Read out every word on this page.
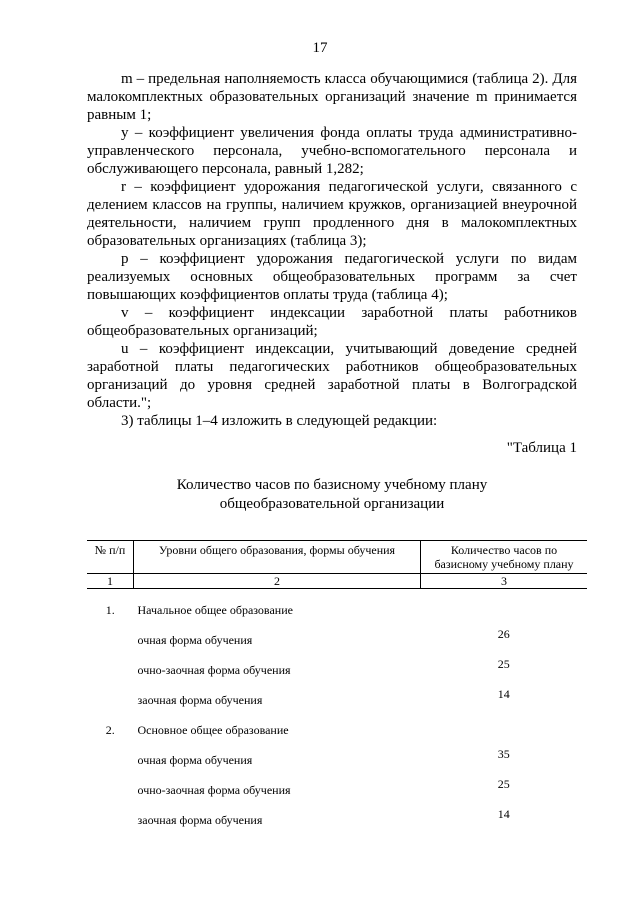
17

m – предельная наполняемость класса обучающимися (таблица 2). Для малокомплектных образовательных организаций значение m принимается равным 1;

y – коэффициент увеличения фонда оплаты труда административно-управленческого персонала, учебно-вспомогательного персонала и обслуживающего персонала, равный 1,282;

r – коэффициент удорожания педагогической услуги, связанного с делением классов на группы, наличием кружков, организацией внеурочной деятельности, наличием групп продленного дня в малокомплектных образовательных организациях (таблица 3);

p – коэффициент удорожания педагогической услуги по видам реализуемых основных общеобразовательных программ за счет повышающих коэффициентов оплаты труда (таблица 4);

v – коэффициент индексации заработной платы работников общеобразовательных организаций;

u – коэффициент индексации, учитывающий доведение средней заработной платы педагогических работников общеобразовательных организаций до уровня средней заработной платы в Волгоградской области.";

3) таблицы 1–4 изложить в следующей редакции:

"Таблица 1
Количество часов по базисному учебному плану
общеобразовательной организации
№ п/п	Уровни общего образования, формы обучения	Количество часов по базисному учебному плану
1	2	3
1.	Начальное общее образование	
	очная форма обучения	26
	очно-заочная форма обучения	25
	заочная форма обучения	14
2.	Основное общее образование	
	очная форма обучения	35
	очно-заочная форма обучения	25
	заочная форма обучения	14
